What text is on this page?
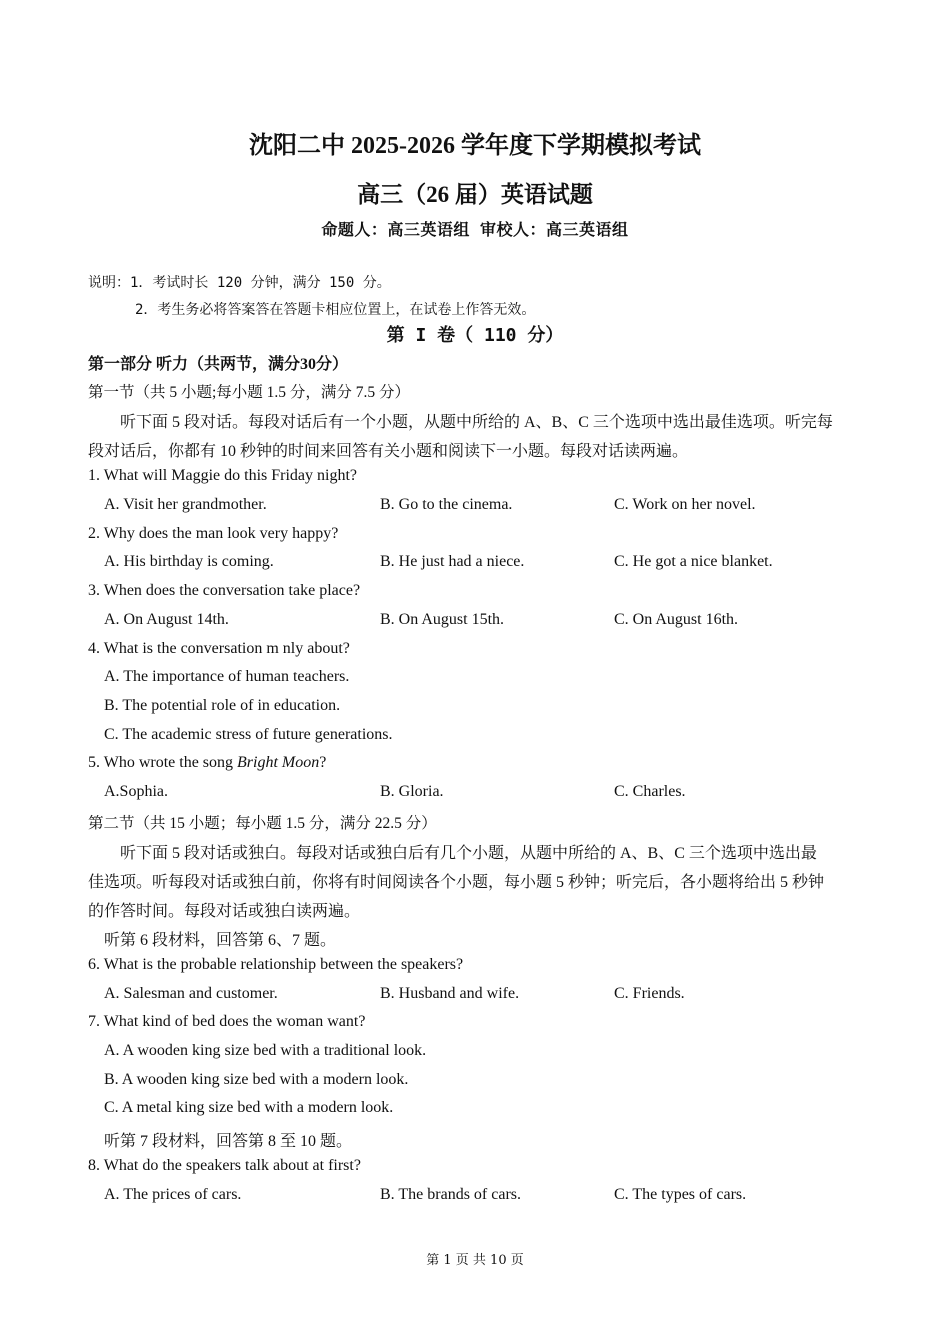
沈阳二中 2025-2026 学年度下学期模拟考试
高三（26 届）英语试题
命题人：高三英语组 审校人：高三英语组
说明：1．考试时长 120 分钟，满分 150 分。
2．考生务必将答案答在答题卡相应位置上，在试卷上作答无效。
第 I 卷（ 110 分）
第一部分 听力（共两节，满分30分）
第一节（共 5 小题;每小题 1.5 分，满分 7.5 分）
听下面 5 段对话。每段对话后有一个小题，从题中所给的 A、B、C 三个选项中选出最佳选项。听完每
段对话后，你都有 10 秒钟的时间来回答有关小题和阅读下一小题。每段对话读两遍。
1. What will Maggie do this Friday night?
A. Visit her grandmother.	B. Go to the cinema.	C. Work on her novel.
2. Why does the man look very happy?
A. His birthday is coming.	B. He just had a niece.	C. He got a nice blanket.
3. When does the conversation take place?
A. On August 14th.	B. On August 15th.	C. On August 16th.
4. What is the conversation m nly about?
A. The importance of human teachers.
B. The potential role of in education.
C. The academic stress of future generations.
5. Who wrote the song Bright Moon?
A.Sophia.	B. Gloria.	C. Charles.
第二节（共 15 小题；每小题 1.5 分，满分 22.5 分）
听下面 5 段对话或独白。每段对话或独白后有几个小题，从题中所给的 A、B、C 三个选项中选出最
佳选项。听每段对话或独白前，你将有时间阅读各个小题，每小题 5 秒钟；听完后，各小题将给出 5 秒钟
的作答时间。每段对话或独白读两遍。
听第 6 段材料，回答第 6、7 题。
6. What is the probable relationship between the speakers?
A. Salesman and customer.	B. Husband and wife.	C. Friends.
7. What kind of bed does the woman want?
A. A wooden king size bed with a traditional look.
B. A wooden king size bed with a modern look.
C. A metal king size bed with a modern look.
听第 7 段材料，回答第 8 至 10 题。
8. What do the speakers talk about at first?
A. The prices of cars.	B. The brands of cars.	C. The types of cars.
第 1 页 共 10 页
